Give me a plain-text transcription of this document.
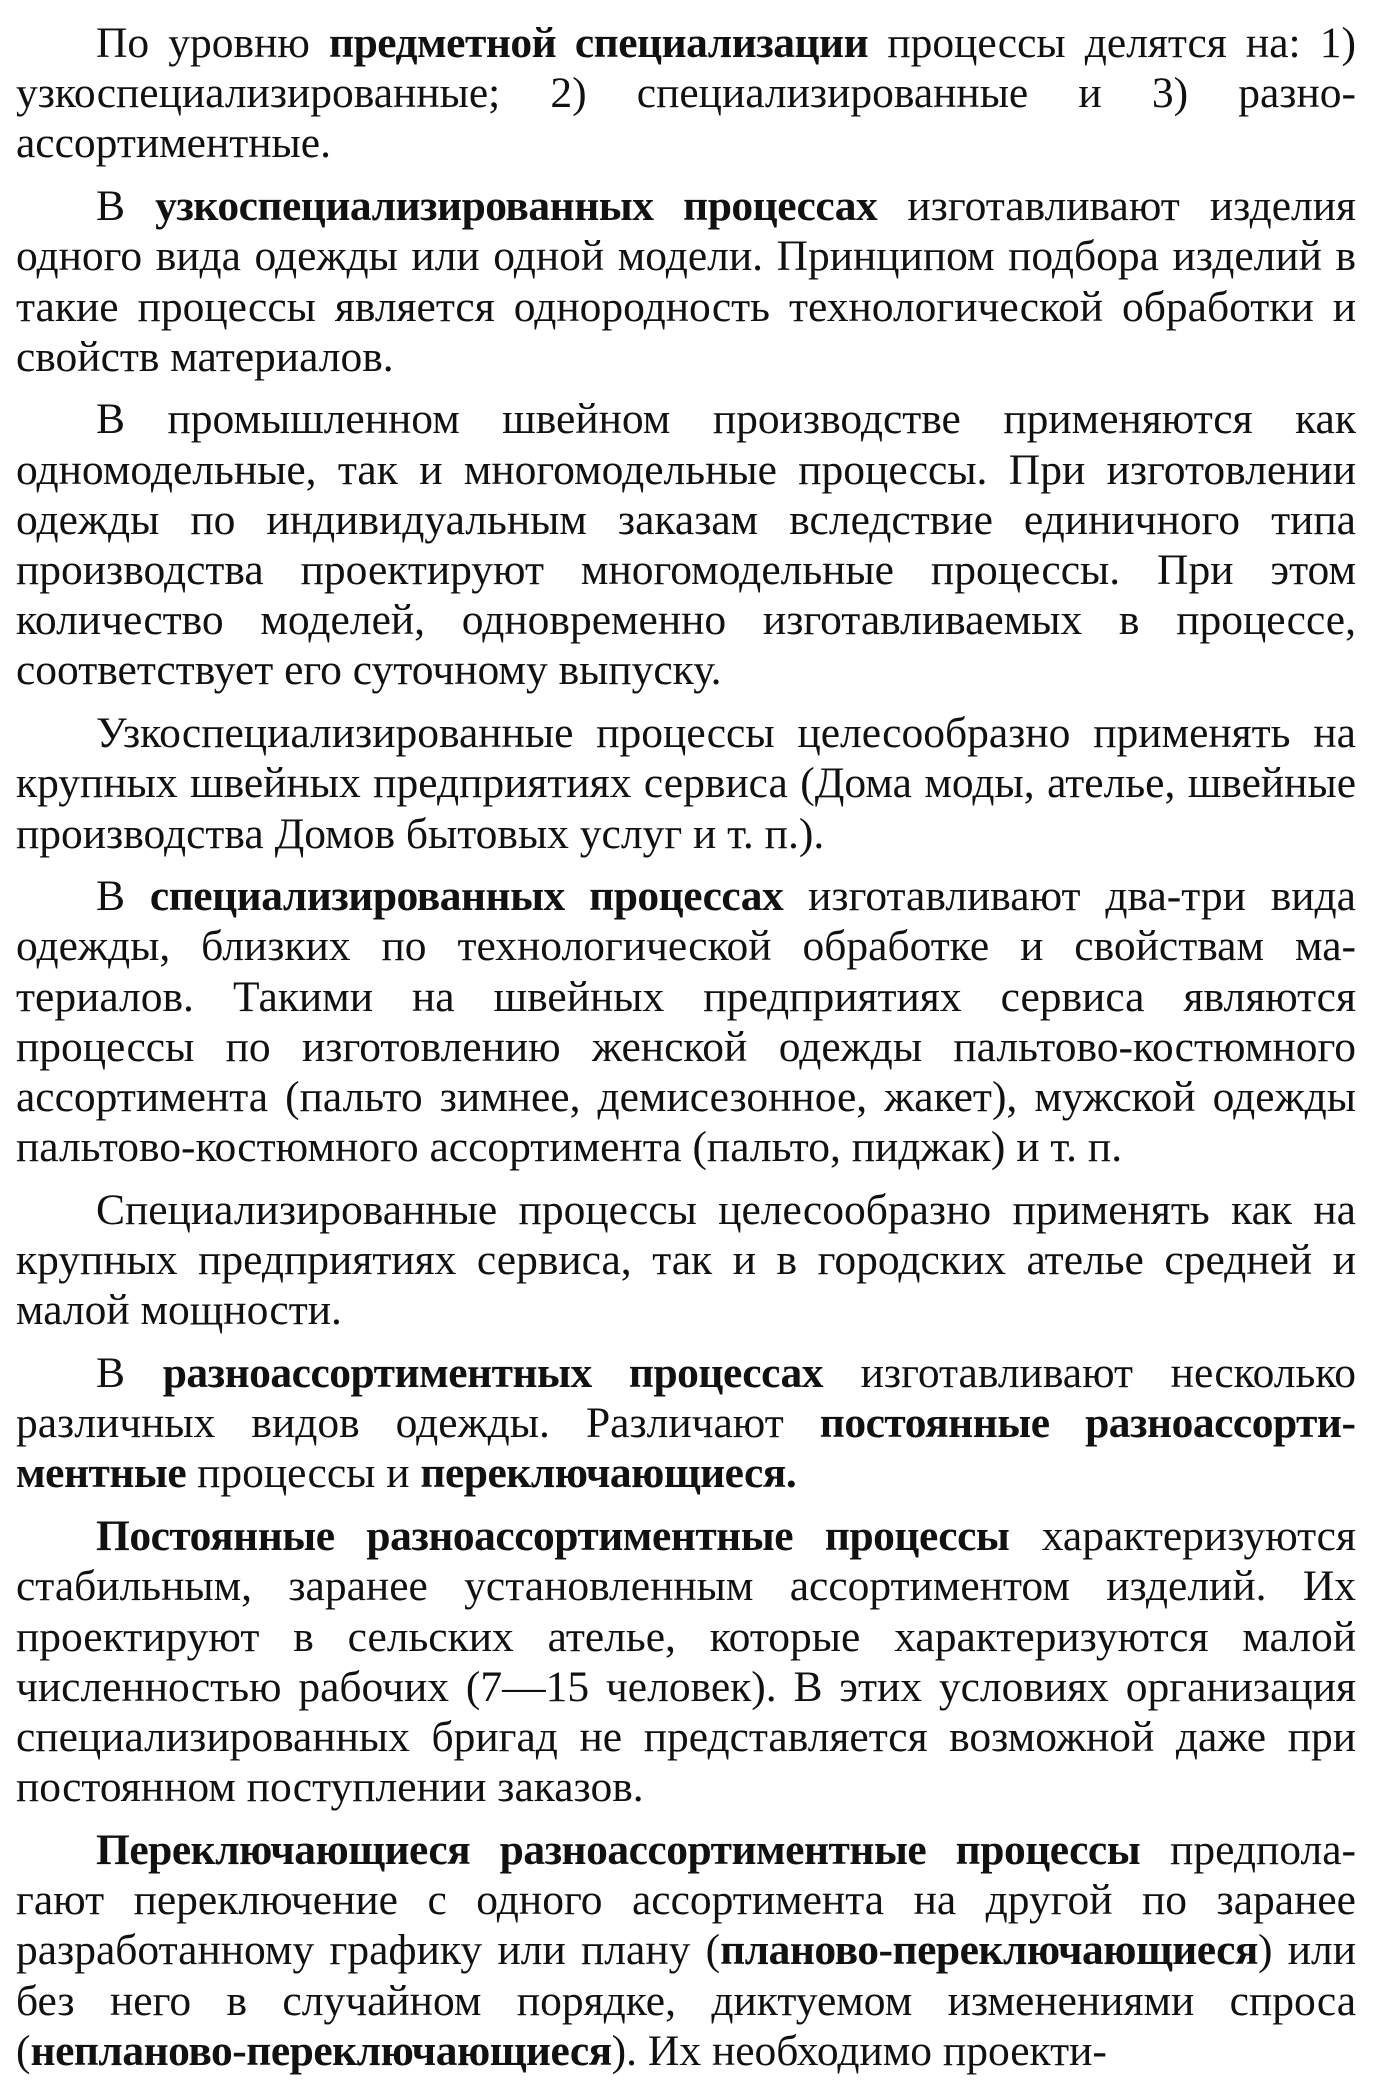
По уровню предметной специализации процессы делятся на: 1) узкоспециализированные; 2) специализированные и 3) разноассортиментные.

В узкоспециализированных процессах изготавливают изделия одного вида одежды или одной модели. Принципом подбора изделий в такие процессы является однородность технологической обработки и свойств материалов.

В промышленном швейном производстве применяются как одномодельные, так и многомодельные процессы. При изготовлении одежды по индивидуальным заказам вследствие единичного типа производства проектируют многомодельные процессы. При этом количество моделей, одновременно изготавливаемых в процессе, соответствует его суточному выпуску.

Узкоспециализированные процессы целесообразно применять на крупных швейных предприятиях сервиса (Дома моды, ателье, швейные производства Домов бытовых услуг и т. п.).

В специализированных процессах изготавливают два-три вида одежды, близких по технологической обработке и свойствам материалов. Такими на швейных предприятиях сервиса являются процессы по изготовлению женской одежды пальтово-костюмного ассортимента (пальто зимнее, демисезонное, жакет), мужской одежды пальтово-костюмного ассортимента (пальто, пиджак) и т. п.

Специализированные процессы целесообразно применять как на крупных предприятиях сервиса, так и в городских ателье средней и малой мощности.

В разноассортиментных процессах изготавливают несколько различных видов одежды. Различают постоянные разноассортиментные процессы и переключающиеся.

Постоянные разноассортиментные процессы характеризуются стабильным, заранее установленным ассортиментом изделий. Их проектируют в сельских ателье, которые характеризуются малой численностью рабочих (7—15 человек). В этих условиях организация специализированных бригад не представляется возможной даже при постоянном поступлении заказов.

Переключающиеся разноассортиментные процессы предполагают переключение с одного ассортимента на другой по заранее разработанному графику или плану (планово-переключающиеся) или без него в случайном порядке, диктуемом изменениями спроса (непланово-переключающиеся). Их необходимо проекти-
